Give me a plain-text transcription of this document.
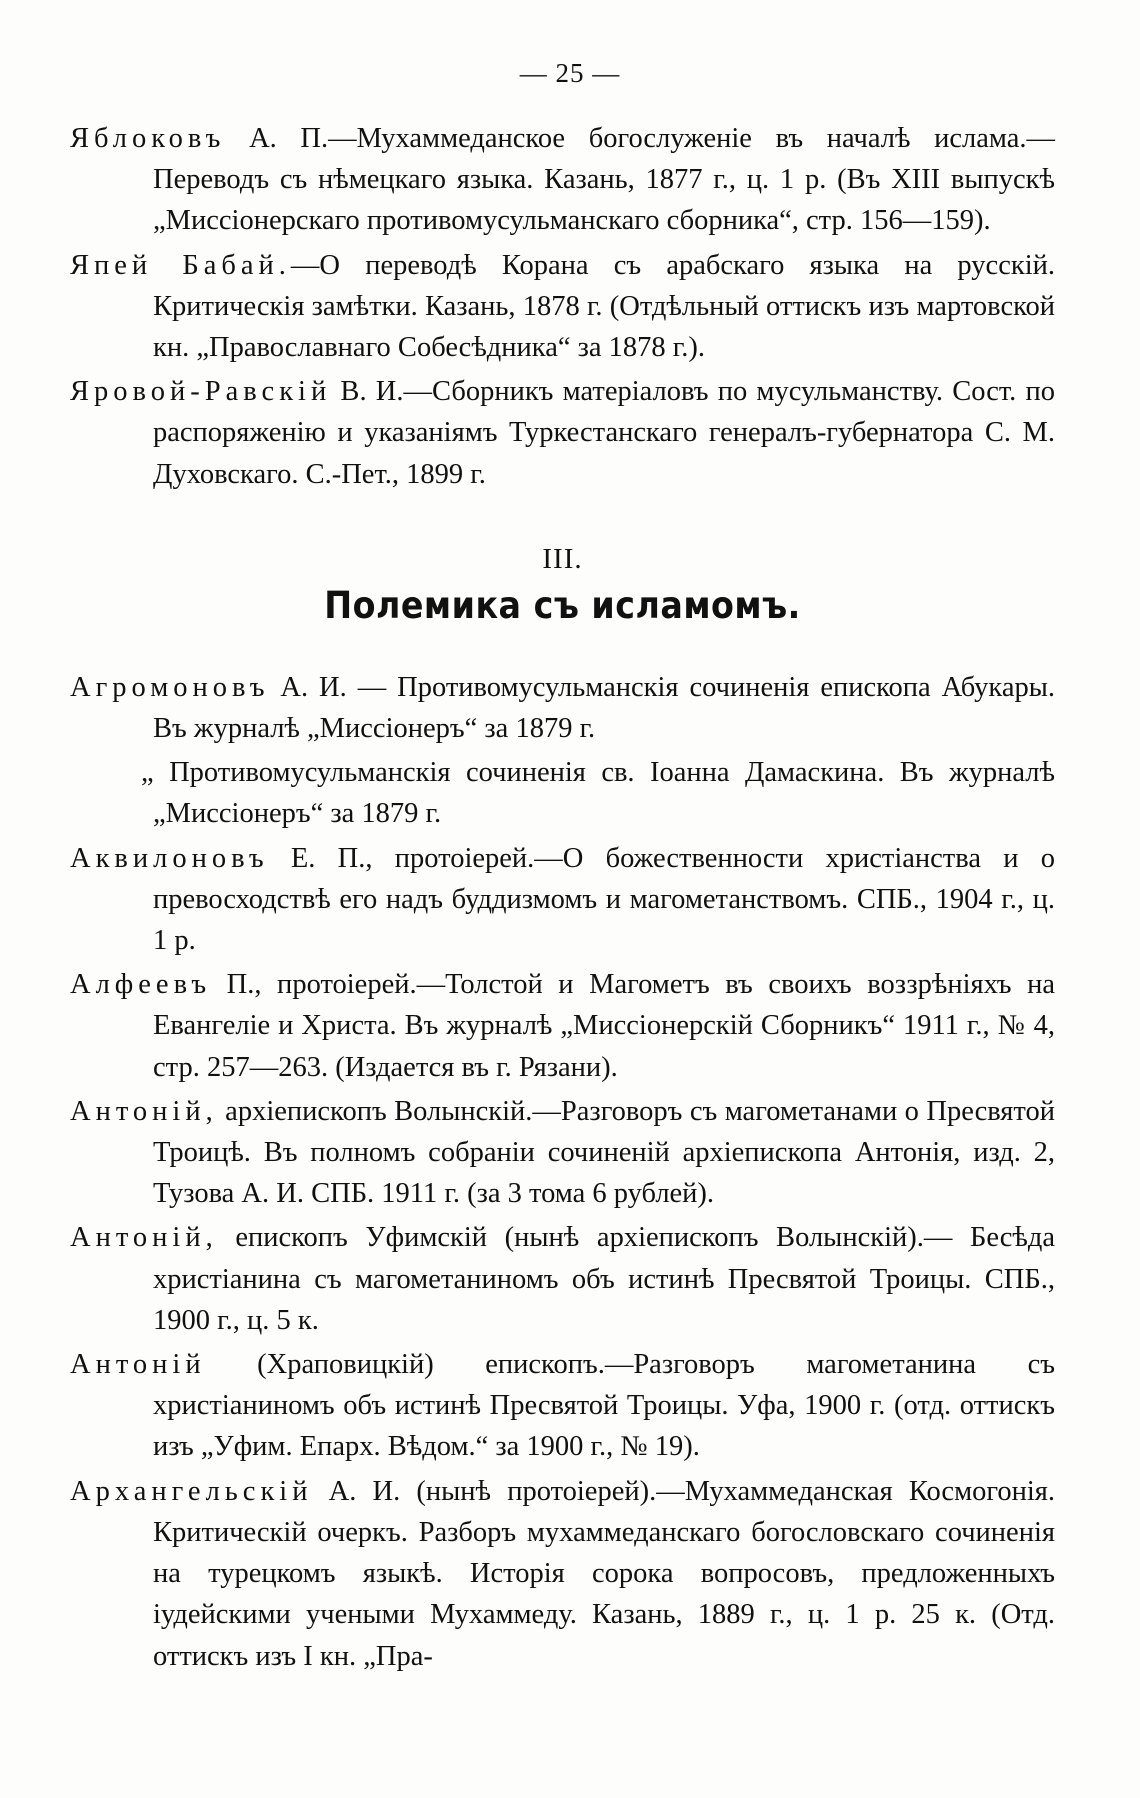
— 25 —

Яблоковъ А. П.—Мухаммеданское богослуженіе въ началѣ ислама.—Переводъ съ нѣмецкаго языка. Казань, 1877 г., ц. 1 р. (Въ XIII выпускѣ „Миссіонерскаго противомусульманскаго сборника“, стр. 156—159).

Япей Бабай.—О переводѣ Корана съ арабскаго языка на русскій. Критическія замѣтки. Казань, 1878 г. (Отдѣльный оттискъ изъ мартовской кн. „Православнаго Собесѣдника“ за 1878 г.).

Яровой-Равскій В. И.—Сборникъ матеріаловъ по мусульманству. Сост. по распоряженію и указаніямъ Туркестанскаго генералъ-губернатора С. М. Духовскаго. С.-Пет., 1899 г.

III.
Полемика съ исламомъ.

Агромоновъ А. И. — Противомусульманскія сочиненія епископа Абукары. Въ журналѣ „Миссіонеръ“ за 1879 г.

„ Противомусульманскія сочиненія св. Іоанна Дамаскина. Въ журналѣ „Миссіонеръ“ за 1879 г.

Аквилоновъ Е. П., протоіерей.—О божественности христіанства и о превосходствѣ его надъ буддизмомъ и магометанствомъ. СПБ., 1904 г., ц. 1 р.

Алфеевъ П., протоіерей.—Толстой и Магометъ въ своихъ воззрѣніяхъ на Евангеліе и Христа. Въ журналѣ „Миссіонерскій Сборникъ“ 1911 г., № 4, стр. 257—263. (Издается въ г. Рязани).

Антоній, архіепископъ Волынскій.—Разговоръ съ магометанами о Пресвятой Троицѣ. Въ полномъ собраніи сочиненій архіепископа Антонія, изд. 2, Тузова А. И. СПБ. 1911 г. (за 3 тома 6 рублей).

Антоній, епископъ Уфимскій (нынѣ архіепископъ Волынскій).— Бесѣда христіанина съ магометаниномъ объ истинѣ Пресвятой Троицы. СПБ., 1900 г., ц. 5 к.

Антоній (Храповицкій) епископъ.—Разговоръ магометанина съ христіаниномъ объ истинѣ Пресвятой Троицы. Уфа, 1900 г. (отд. оттискъ изъ „Уфим. Епарх. Вѣдом.“ за 1900 г., № 19).

Архангельскій А. И. (нынѣ протоіерей).—Мухаммеданская Космогонія. Критическій очеркъ. Разборъ мухаммеданскаго богословскаго сочиненія на турецкомъ языкѣ. Исторія сорока вопросовъ, предложенныхъ іудейскими учеными Мухаммеду. Казань, 1889 г., ц. 1 р. 25 к. (Отд. оттискъ изъ I кн. „Пра-
